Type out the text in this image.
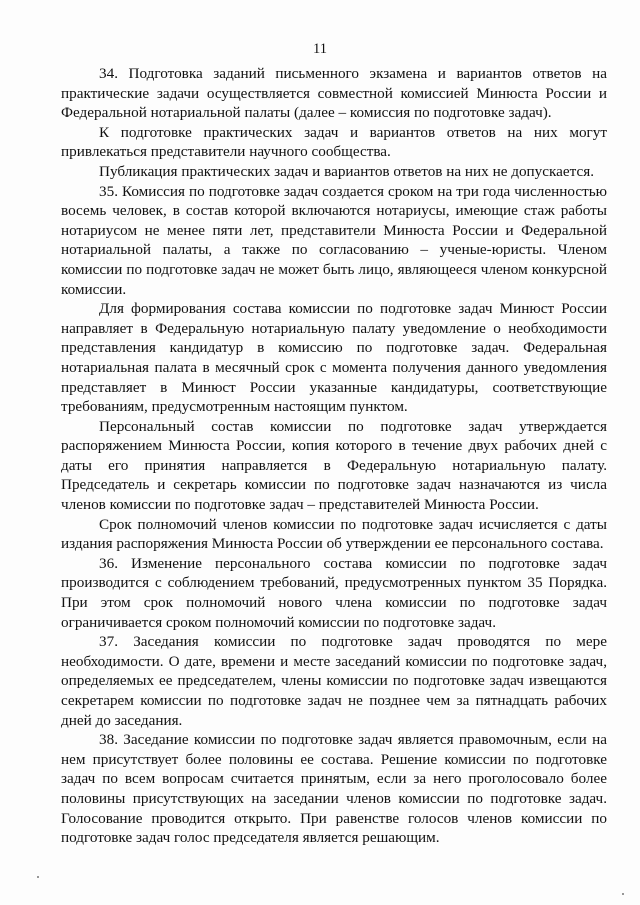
11

34. Подготовка заданий письменного экзамена и вариантов ответов на практические задачи осуществляется совместной комиссией Минюста России и Федеральной нотариальной палаты (далее – комиссия по подготовке задач).

К подготовке практических задач и вариантов ответов на них могут привлекаться представители научного сообщества.

Публикация практических задач и вариантов ответов на них не допускается.

35. Комиссия по подготовке задач создается сроком на три года численностью восемь человек, в состав которой включаются нотариусы, имеющие стаж работы нотариусом не менее пяти лет, представители Минюста России и Федеральной нотариальной палаты, а также по согласованию – ученые-юристы. Членом комиссии по подготовке задач не может быть лицо, являющееся членом конкурсной комиссии.

Для формирования состава комиссии по подготовке задач Минюст России направляет в Федеральную нотариальную палату уведомление о необходимости представления кандидатур в комиссию по подготовке задач. Федеральная нотариальная палата в месячный срок с момента получения данного уведомления представляет в Минюст России указанные кандидатуры, соответствующие требованиям, предусмотренным настоящим пунктом.

Персональный состав комиссии по подготовке задач утверждается распоряжением Минюста России, копия которого в течение двух рабочих дней с даты его принятия направляется в Федеральную нотариальную палату. Председатель и секретарь комиссии по подготовке задач назначаются из числа членов комиссии по подготовке задач – представителей Минюста России.

Срок полномочий членов комиссии по подготовке задач исчисляется с даты издания распоряжения Минюста России об утверждении ее персонального состава.

36. Изменение персонального состава комиссии по подготовке задач производится с соблюдением требований, предусмотренных пунктом 35 Порядка. При этом срок полномочий нового члена комиссии по подготовке задач ограничивается сроком полномочий комиссии по подготовке задач.

37. Заседания комиссии по подготовке задач проводятся по мере необходимости. О дате, времени и месте заседаний комиссии по подготовке задач, определяемых ее председателем, члены комиссии по подготовке задач извещаются секретарем комиссии по подготовке задач не позднее чем за пятнадцать рабочих дней до заседания.

38. Заседание комиссии по подготовке задач является правомочным, если на нем присутствует более половины ее состава. Решение комиссии по подготовке задач по всем вопросам считается принятым, если за него проголосовало более половины присутствующих на заседании членов комиссии по подготовке задач. Голосование проводится открыто. При равенстве голосов членов комиссии по подготовке задач голос председателя является решающим.
